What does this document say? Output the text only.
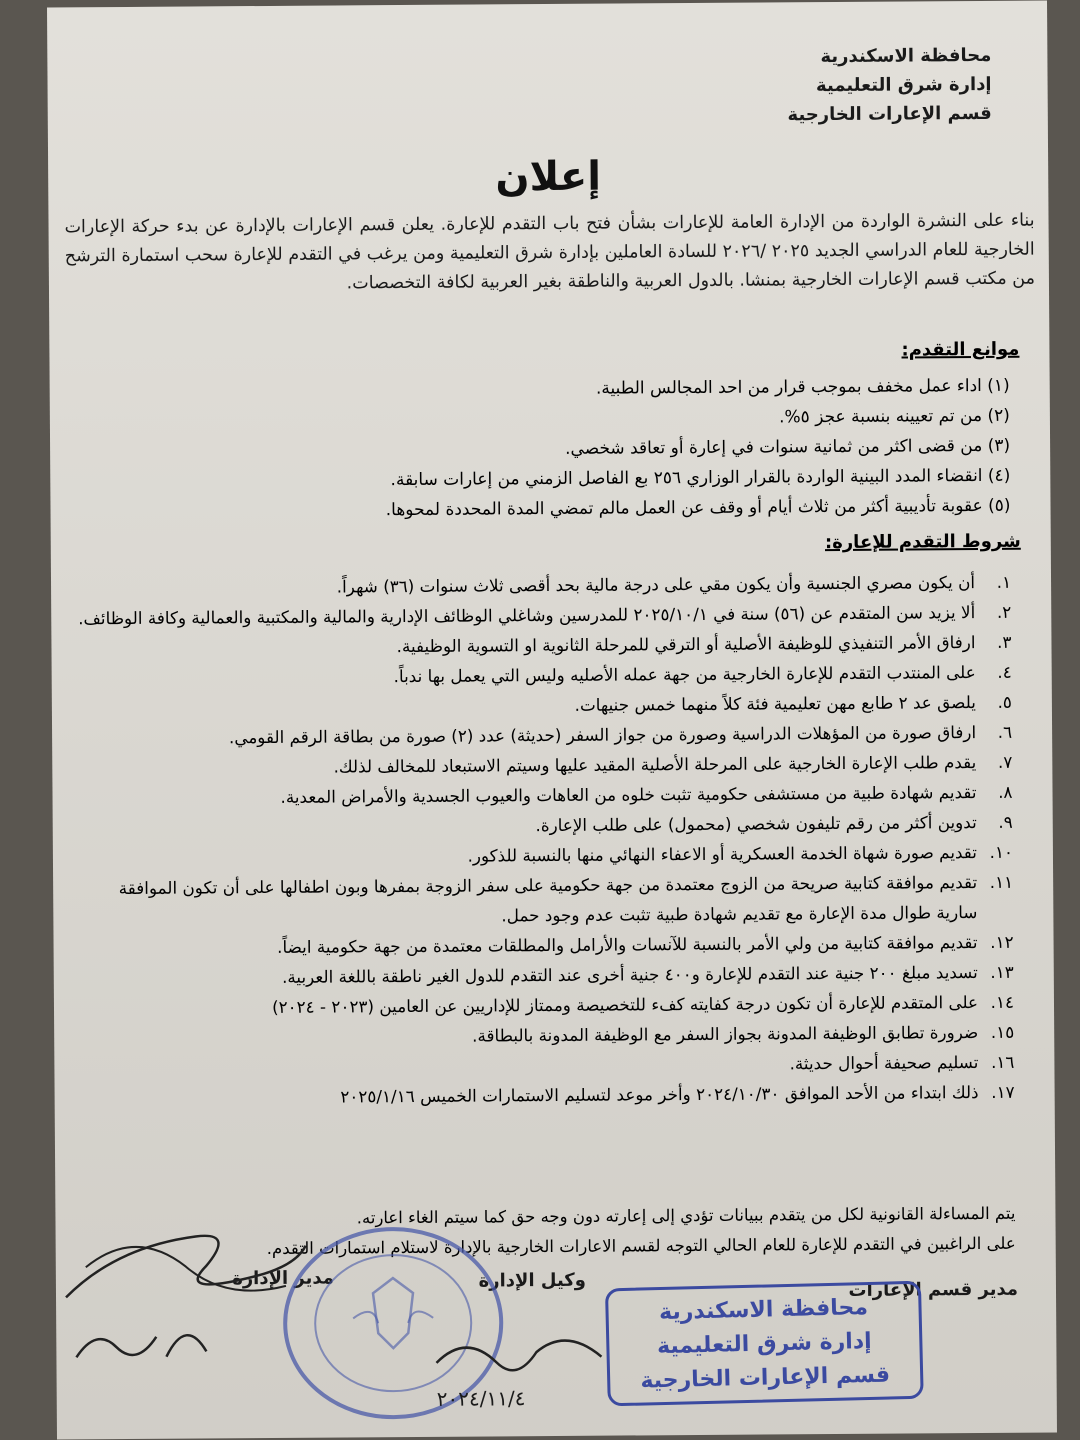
محافظة الاسكندرية
إدارة شرق التعليمية
قسم الإعارات الخارجية
إعلان
بناء على النشرة الواردة من الإدارة العامة للإعارات بشأن فتح باب التقدم للإعارة. يعلن قسم الإعارات بالإدارة عن بدء حركة الإعارات الخارجية للعام الدراسي الجديد ٢٠٢٥ /٢٠٢٦ للسادة العاملين بإدارة شرق التعليمية ومن يرغب في التقدم للإعارة سحب استمارة الترشح من مكتب قسم الإعارات الخارجية بمنشا. بالدول العربية والناطقة بغير العربية لكافة التخصصات.
موانع التقدم:
(١) اداء عمل مخفف بموجب قرار من احد المجالس الطبية.
(٢) من تم تعيينه بنسبة عجز ٥%.
(٣) من قضى اكثر من ثمانية سنوات في إعارة أو تعاقد شخصي.
(٤) انقضاء المدد البينية الواردة بالقرار الوزاري ٢٥٦ بع الفاصل الزمني من إعارات سابقة.
(٥) عقوبة تأديبية أكثر من ثلاث أيام أو وقف عن العمل مالم تمضي المدة المحددة لمحوها.
شروط التقدم للإعارة:
١.
أن يكون مصري الجنسية وأن يكون مقي على درجة مالية بحد أقصى ثلاث سنوات (٣٦) شهراً.
٢.
ألا يزيد سن المتقدم عن (٥٦) سنة في ٢٠٢٥/١٠/١ للمدرسين وشاغلي الوظائف الإدارية والمالية والمكتبية والعمالية وكافة الوظائف.
٣.
ارفاق الأمر التنفيذي للوظيفة الأصلية أو الترقي للمرحلة الثانوية او التسوية الوظيفية.
٤.
على المنتدب التقدم للإعارة الخارجية من جهة عمله الأصليه وليس التي يعمل بها ندباً.
٥.
يلصق عد ٢ طابع مهن تعليمية فئة كلاً منهما خمس جنيهات.
٦.
ارفاق صورة من المؤهلات الدراسية وصورة من جواز السفر (حديثة) عدد (٢) صورة من بطاقة الرقم القومي.
٧.
يقدم طلب الإعارة الخارجية على المرحلة الأصلية المقيد عليها وسيتم الاستبعاد للمخالف لذلك.
٨.
تقديم شهادة طبية من مستشفى حكومية تثبت خلوه من العاهات والعيوب الجسدية والأمراض المعدية.
٩.
تدوين أكثر من رقم تليفون شخصي (محمول) على طلب الإعارة.
١٠.
تقديم صورة شهاة الخدمة العسكرية أو الاعفاء النهائي منها بالنسبة للذكور.
١١.
تقديم موافقة كتابية صريحة من الزوج معتمدة من جهة حكومية على سفر الزوجة بمفرها وبون اطفالها على أن تكون الموافقة سارية طوال مدة الإعارة مع تقديم شهادة طبية تثبت عدم وجود حمل.
١٢.
تقديم موافقة كتابية من ولي الأمر بالنسبة للآنسات والأرامل والمطلقات معتمدة من جهة حكومية ايضاً.
١٣.
تسديد مبلغ ٢٠٠ جنية عند التقدم للإعارة و٤٠٠ جنية أخرى عند التقدم للدول الغير ناطقة باللغة العربية.
١٤.
على المتقدم للإعارة أن تكون درجة كفايته كفء للتخصيصة وممتاز للإداريين عن العامين (٢٠٢٣ - ٢٠٢٤)
١٥.
ضرورة تطابق الوظيفة المدونة بجواز السفر مع الوظيفة المدونة بالبطاقة.
١٦.
تسليم صحيفة أحوال حديثة.
١٧.
ذلك ابتداء من الأحد الموافق ٢٠٢٤/١٠/٣٠ وأخر موعد لتسليم الاستمارات الخميس ٢٠٢٥/١/١٦
يتم المساءلة القانونية لكل من يتقدم ببيانات تؤدي إلى إعارته دون وجه حق كما سيتم الغاء اعارته.
على الراغبين في التقدم للإعارة للعام الحالي التوجه لقسم الاعارات الخارجية بالإدارة لاستلام استمارات التقدم.
مدير قسم الإعارات
وكيل الإدارة
مدير الإدارة
محافظة الاسكندرية
إدارة شرق التعليمية
قسم الإعارات الخارجية
٢٠٢٤/١١/٤
